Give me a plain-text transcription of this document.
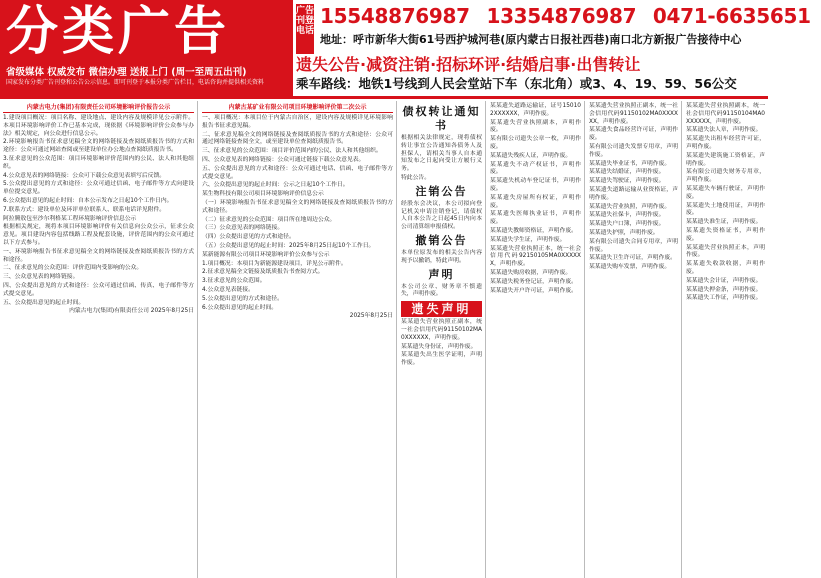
分类广告
省级媒体 权威发布 微信办理 送报上门 (周一至周五出刊)
国家发布分类广告刊登和公告公示信息。即可刊登于本报分类广告栏目，电话咨询并提供相关资料
广告刊登电话
15548876987 13354876987 0471-6635651
地址：呼市新华大街61号西护城河巷(原内蒙古日报社西巷)南口北方新报广告接待中心
遗失公告·减资注销·招标环评·结婚启事·出售转让
乘车路线：地铁1号线到人民会堂站下车（东北角）或3、4、19、59、56公交
内蒙古电力(集团)有限责任公司环境影响评价报告公示

1.建设项目概况：项目名称、建设地点、建设内容及规模详见公示附件。本项目环境影响评价工作已基本完成，现依据《环境影响评价公众参与办法》相关规定，向公众进行信息公示。

2.环境影响报告书征求意见稿全文的网络链接及查阅纸质报告书的方式和途径：公众可通过网站查阅或至建设单位办公地点查阅纸质报告书。

3.征求意见的公众范围：项目环境影响评价范围内的公民、法人和其他组织。

4.公众意见表的网络链接：公众可下载公众意见表填写后反馈。

5.公众提出意见的方式和途径：公众可通过信函、电子邮件等方式向建设单位提交意见。

6.公众提出意见的起止时间：自本公示发布之日起10个工作日内。

7.联系方式：建设单位及环评单位联系人、联系电话详见附件。

阿拉腾敖包至沙尔利格某工程环境影响评价信息公示

根据相关规定，现将本项目环境影响评价有关信息向公众公示，征求公众意见。项目建设内容包括线路工程及配套设施，评价范围内的公众可通过以下方式参与。

一、环境影响报告书征求意见稿全文的网络链接及查阅纸质报告书的方式和途径。

二、征求意见的公众范围：评价范围内受影响的公众。

三、公众意见表的网络链接。

四、公众提出意见的方式和途径：公众可通过信函、传真、电子邮件等方式提交意见。

五、公众提出意见的起止时间。

内蒙古电力(集团)有限责任公司 2025年8月25日
内蒙古某矿业有限公司项目环境影响评价第二次公示

一、项目概况：本项目位于内蒙古自治区，建设内容及规模详见环境影响报告书征求意见稿。

二、征求意见稿全文的网络链接及查阅纸质报告书的方式和途径：公众可通过网络链接查阅全文，或至建设单位查阅纸质报告书。

三、征求意见的公众范围：项目评价范围内的公民、法人和其他组织。

四、公众意见表的网络链接：公众可通过链接下载公众意见表。

五、公众提出意见的方式和途径：公众可通过电话、信函、电子邮件等方式提交意见。

六、公众提出意见的起止时间：公示之日起10个工作日。

某生物科技有限公司项目环境影响评价信息公示

（一）环境影响报告书征求意见稿全文的网络链接及查阅纸质报告书的方式和途径。

（二）征求意见的公众范围：项目所在地周边公众。

（三）公众意见表的网络链接。

（四）公众提出意见的方式和途径。

（五）公众提出意见的起止时间：2025年8月25日起10个工作日。

某新能源有限公司项目环境影响评价公众参与公示

1.项目概况：本项目为新能源建设项目，详见公示附件。

2.征求意见稿全文链接及纸质报告书查阅方式。

3.征求意见的公众范围。

4.公众意见表链接。

5.公众提出意见的方式和途径。

6.公众提出意见的起止时间。

2025年8月25日
债权转让通知书

根据相关法律规定，现将债权转让事宜公告通知各债务人及担保人，请相关当事人自本通知发布之日起向受让方履行义务。

特此公告。

注销公告

经股东会决议，本公司拟向登记机关申请注销登记，请债权人自本公告之日起45日内向本公司清算组申报债权。

撤销公告

本单位原发布的相关公告内容现予以撤销，特此声明。

声明

本公司公章、财务章不慎遗失，声明作废。

遗失声明

某某遗失营业执照正副本，统一社会信用代码91150102MA0XXXXXX，声明作废。

某某遗失身份证，声明作废。

某某遗失出生医学证明，声明作废。

某某遗失道路运输证，证号150102XXXXXX，声明作废。

某某遗失营业执照副本，声明作废。

某有限公司遗失公章一枚，声明作废。

某某遗失残疾人证，声明作废。

某某遗失不动产权证书，声明作废。

某某遗失机动车登记证书，声明作废。

某某遗失房屋所有权证，声明作废。

某某遗失医师执业证书，声明作废。

某某遗失教师资格证，声明作废。

某某遗失学生证，声明作废。

某某遗失营业执照正本，统一社会信用代码92150105MA0XXXXXX，声明作废。

某某遗失购房收据，声明作废。

某某遗失税务登记证，声明作废。

某某遗失开户许可证，声明作废。

某某遗失营业执照正副本，统一社会信用代码91150102MA0XXXXXX，声明作废。

某某遗失食品经营许可证，声明作废。

某有限公司遗失发票专用章，声明作废。

某某遗失毕业证书，声明作废。

某某遗失结婚证，声明作废。

某某遗失驾驶证，声明作废。

某某遗失道路运输从业资格证，声明作废。

某某遗失营业执照，声明作废。

某某遗失社保卡，声明作废。

某某遗失户口簿，声明作废。

某某遗失护照，声明作废。

某有限公司遗失合同专用章，声明作废。

某某遗失卫生许可证，声明作废。

某某遗失购车发票，声明作废。

某某遗失营业执照副本，统一社会信用代码91150104MA0XXXXXX，声明作废。

某某遗失法人章，声明作废。

某某遗失出租车经营许可证，声明作废。

某某遗失建筑施工资格证，声明作废。

某有限公司遗失财务专用章，声明作废。

某某遗失车辆行驶证，声明作废。

某某遗失土地使用证，声明作废。

某某遗失准生证，声明作废。

某某遗失资格证书，声明作废。

某某遗失营业执照正本，声明作废。

某某遗失收款收据，声明作废。

某某遗失会计证，声明作废。

某某遗失押金条，声明作废。

某某遗失工作证，声明作废。
